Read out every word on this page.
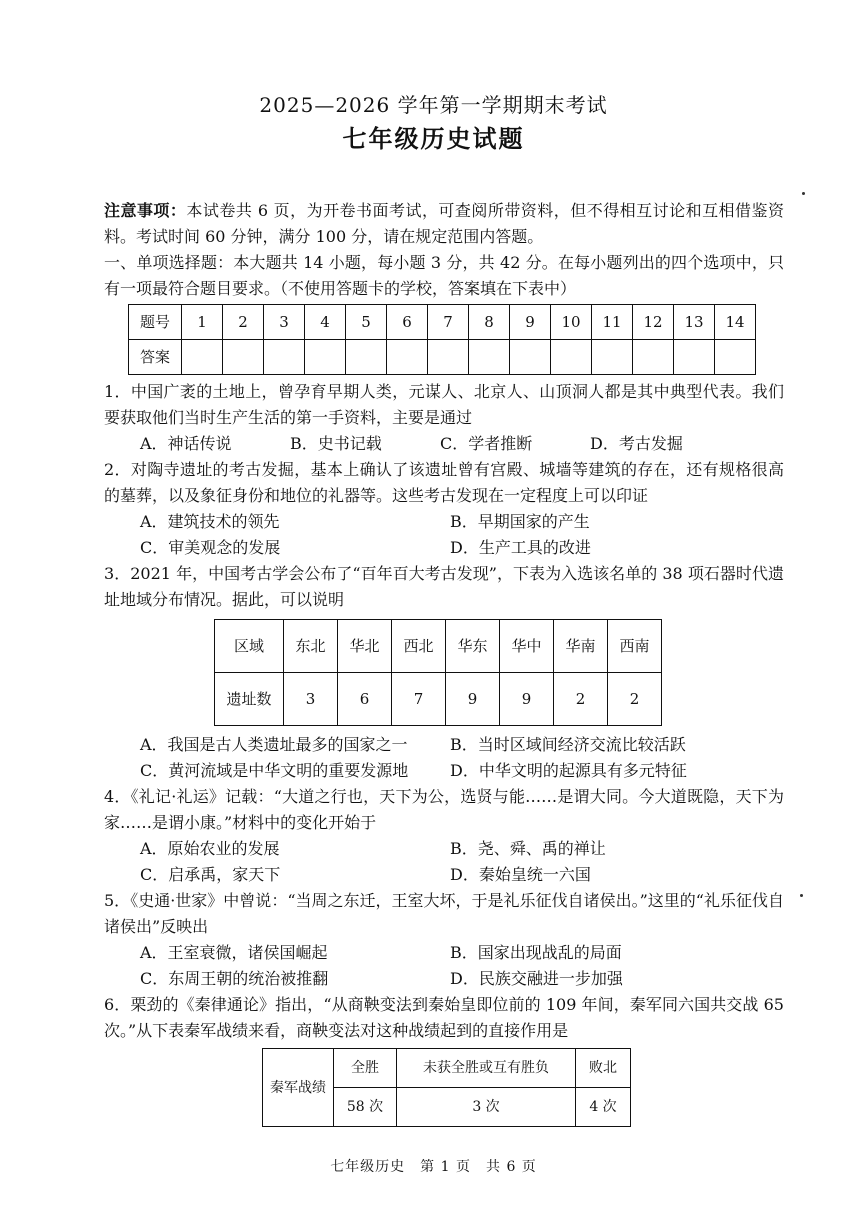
2025—2026 学年第一学期期末考试
七年级历史试题

注意事项：本试卷共 6 页，为开卷书面考试，可查阅所带资料，但不得相互讨论和互相借鉴资料。考试时间 60 分钟，满分 100 分，请在规定范围内答题。

一、单项选择题：本大题共 14 小题，每小题 3 分，共 42 分。在每小题列出的四个选项中，只有一项最符合题目要求。（不使用答题卡的学校，答案填在下表中）

题号	1	2	3	4	5	6	7	8	9	10	11	12	13	14
答案														

1．中国广袤的土地上，曾孕育早期人类，元谋人、北京人、山顶洞人都是其中典型代表。我们要获取他们当时生产生活的第一手资料，主要是通过

A．神话传说	B．史书记载	C．学者推断	D．考古发掘

2．对陶寺遗址的考古发掘，基本上确认了该遗址曾有宫殿、城墙等建筑的存在，还有规格很高的墓葬，以及象征身份和地位的礼器等。这些考古发现在一定程度上可以印证

A．建筑技术的领先	B．早期国家的产生
C．审美观念的发展	D．生产工具的改进

3．2021 年，中国考古学会公布了“百年百大考古发现”，下表为入选该名单的 38 项石器时代遗址地域分布情况。据此，可以说明

区域	东北	华北	西北	华东	华中	华南	西南
遗址数	3	6	7	9	9	2	2
A．我国是古人类遗址最多的国家之一	B．当时区域间经济交流比较活跃
C．黄河流域是中华文明的重要发源地	D．中华文明的起源具有多元特征

4．《礼记·礼运》记载：“大道之行也，天下为公，选贤与能……是谓大同。今大道既隐，天下为家……是谓小康。”材料中的变化开始于

A．原始农业的发展	B．尧、舜、禹的禅让
C．启承禹，家天下	D．秦始皇统一六国

5．《史通·世家》中曾说：“当周之东迁，王室大坏，于是礼乐征伐自诸侯出。”这里的“礼乐征伐自诸侯出”反映出

A．王室衰微，诸侯国崛起	B．国家出现战乱的局面
C．东周王朝的统治被推翻	D．民族交融进一步加强

6．栗劲的《秦律通论》指出，“从商鞅变法到秦始皇即位前的 109 年间，秦军同六国共交战 65 次。”从下表秦军战绩来看，商鞅变法对这种战绩起到的直接作用是

秦军战绩	全胜	未获全胜或互有胜负	败北
	58 次	3 次	4 次
七年级历史　第 1 页　共 6 页
